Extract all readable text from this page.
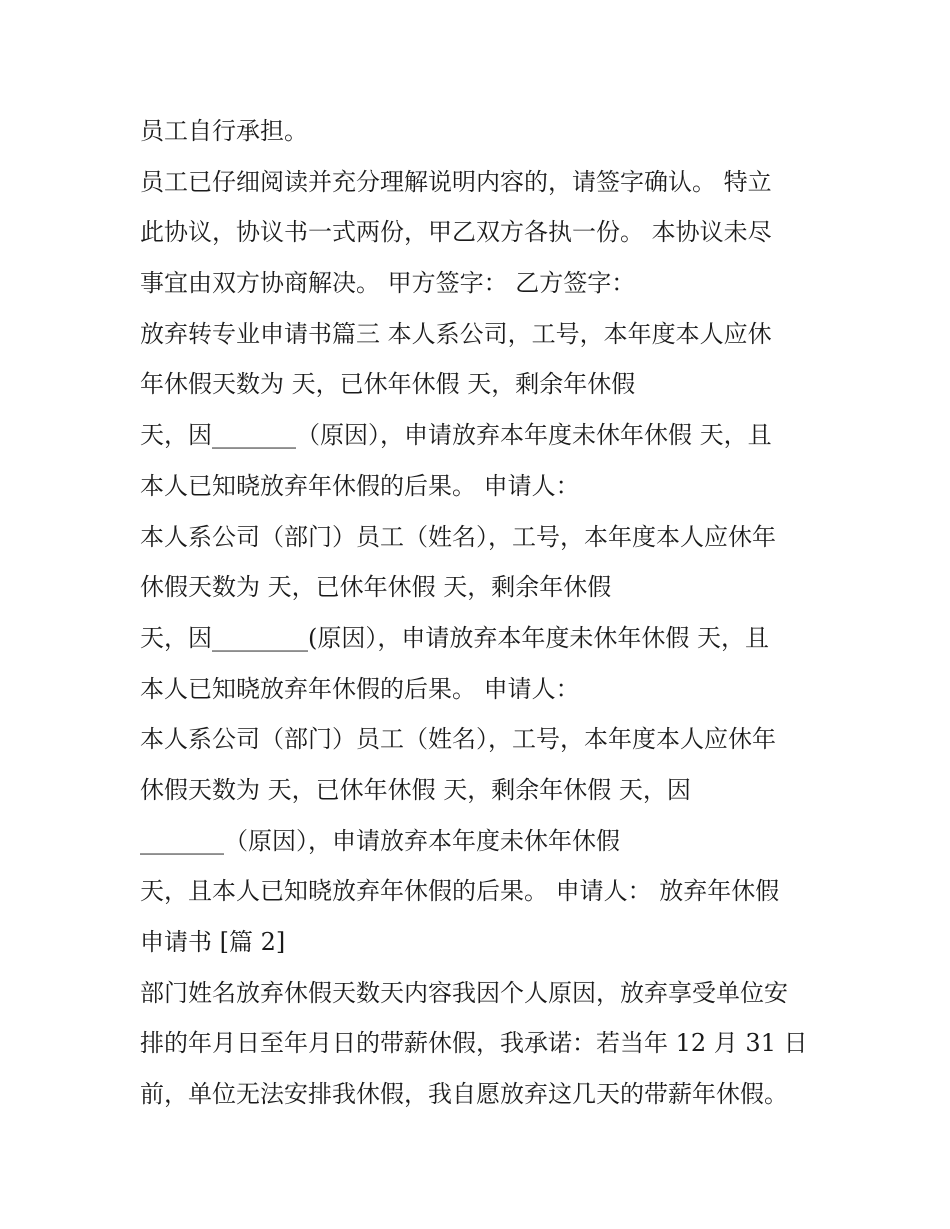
员工自行承担。
员工已仔细阅读并充分理解说明内容的，请签字确认。 特立
此协议，协议书一式两份，甲乙双方各执一份。 本协议未尽
事宜由双方协商解决。 甲方签字： 乙方签字：
放弃转专业申请书篇三 本人系公司，工号，本年度本人应休
年休假天数为 天，已休年休假 天，剩余年休假
天，因_______（原因），申请放弃本年度未休年休假 天，且
本人已知晓放弃年休假的后果。 申请人：
本人系公司（部门）员工（姓名），工号，本年度本人应休年
休假天数为 天，已休年休假 天，剩余年休假
天，因________(原因），申请放弃本年度未休年休假 天，且
本人已知晓放弃年休假的后果。 申请人：
本人系公司（部门）员工（姓名），工号，本年度本人应休年
休假天数为 天，已休年休假 天，剩余年休假 天，因
_______（原因），申请放弃本年度未休年休假
天，且本人已知晓放弃年休假的后果。 申请人： 放弃年休假
申请书 [篇 2]
部门姓名放弃休假天数天内容我因个人原因，放弃享受单位安
排的年月日至年月日的带薪休假，我承诺：若当年 12 月 31 日
前，单位无法安排我休假，我自愿放弃这几天的带薪年休假。
